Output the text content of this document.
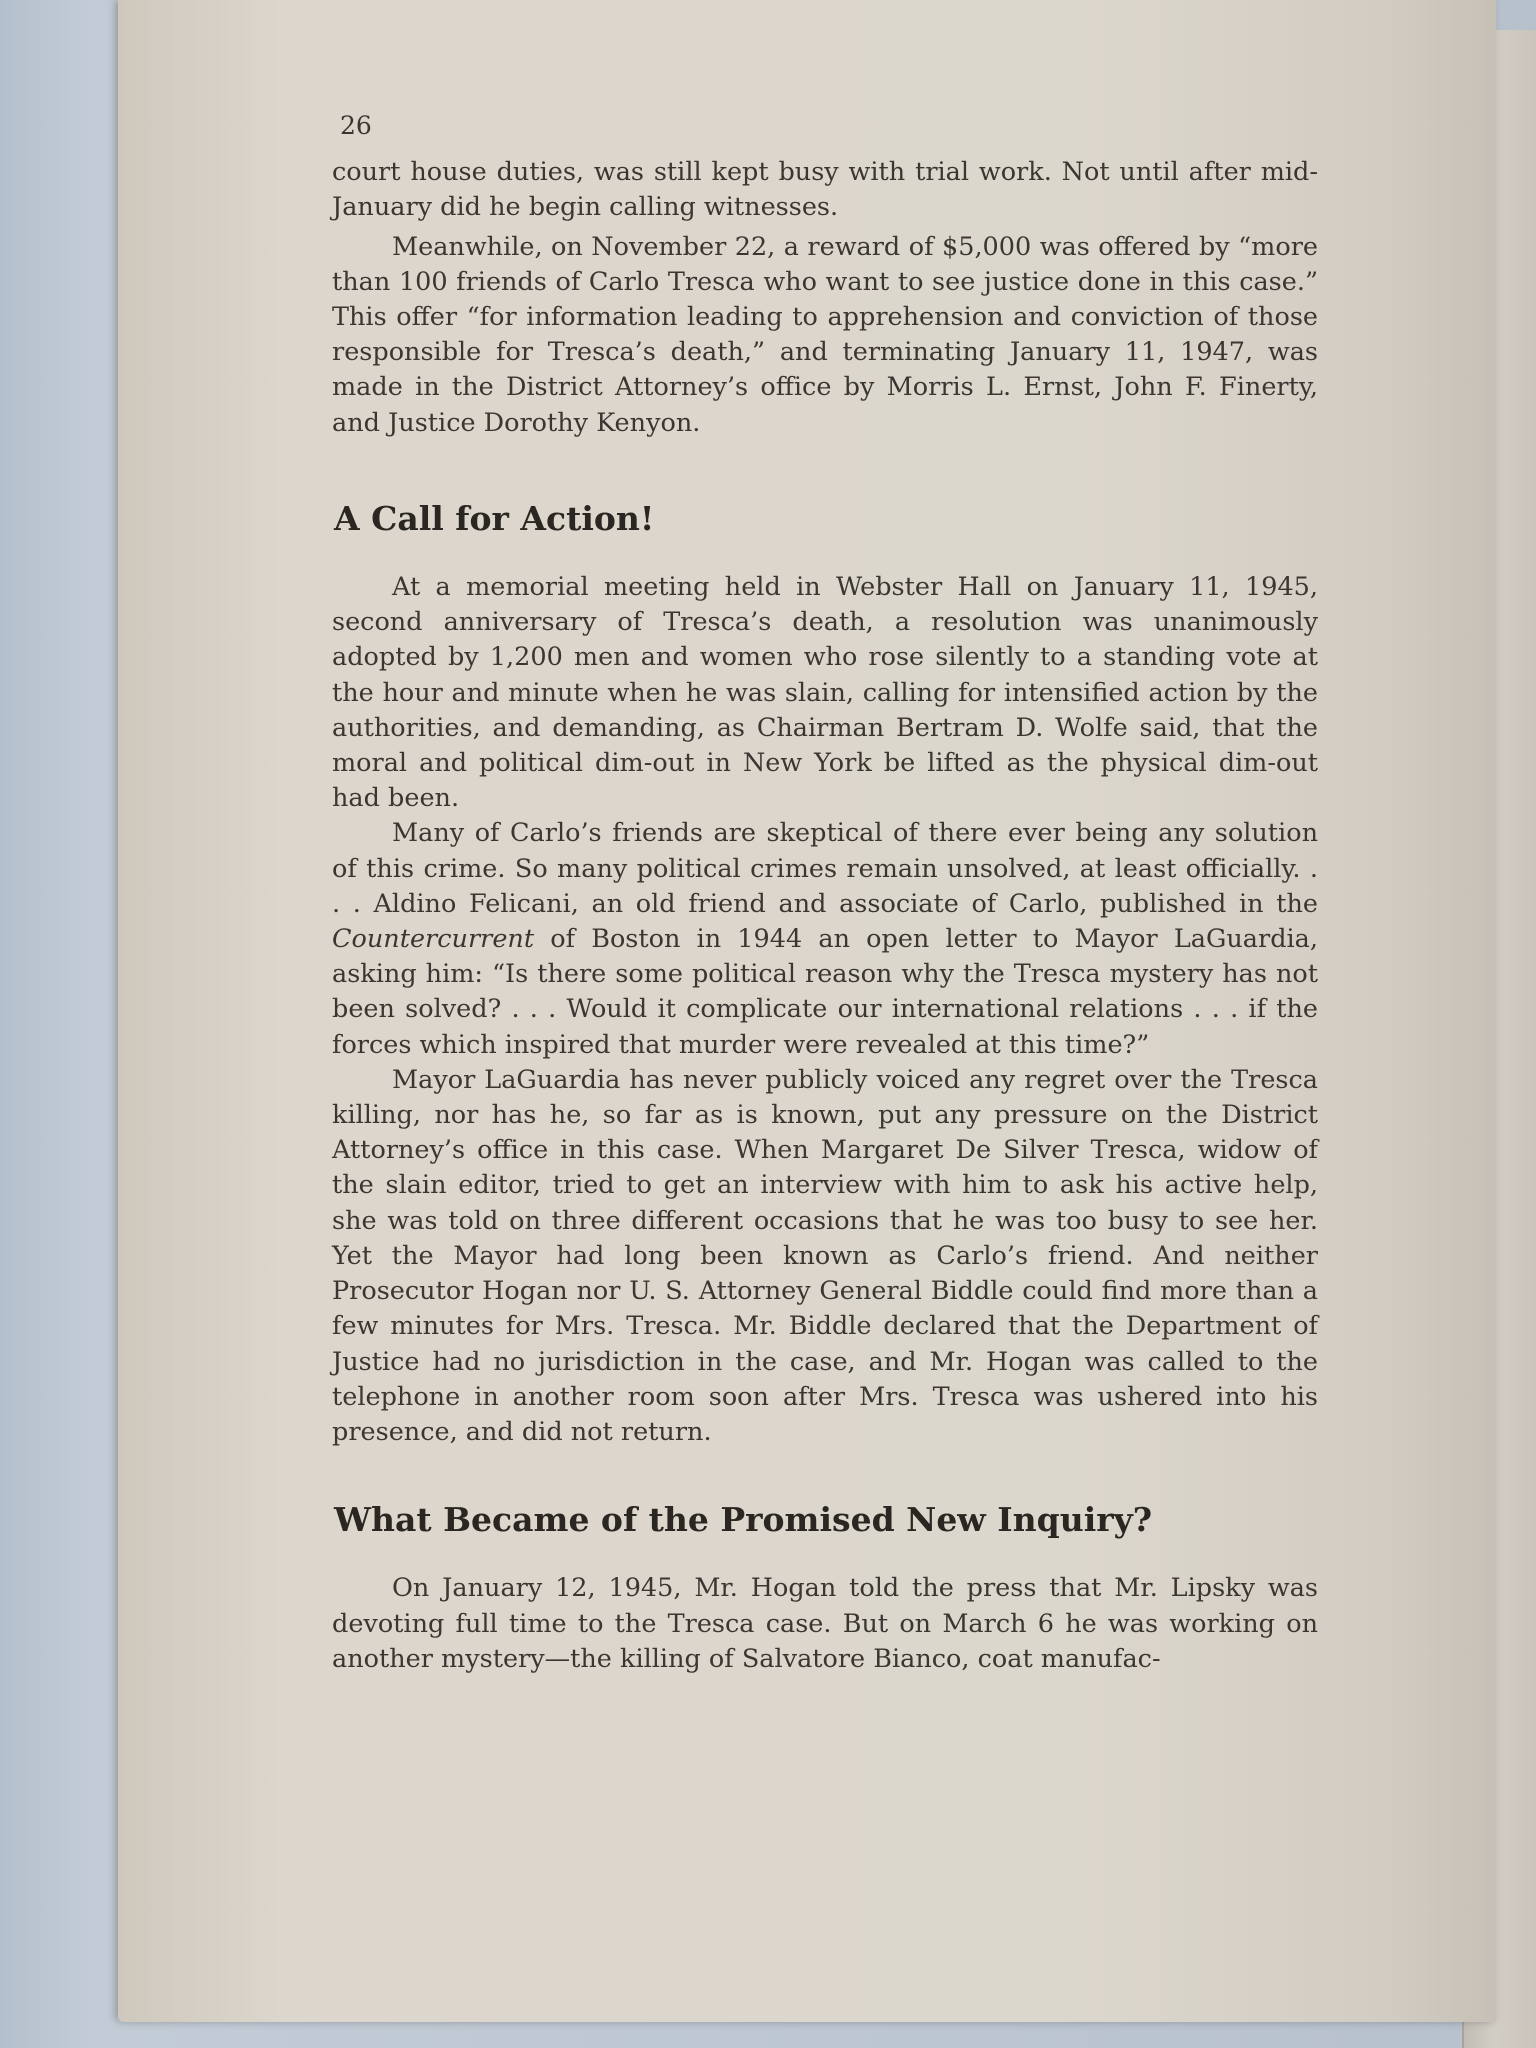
26

court house duties, was still kept busy with trial work. Not until after mid-January did he begin calling witnesses.

Meanwhile, on November 22, a reward of $5,000 was offered by “more than 100 friends of Carlo Tresca who want to see justice done in this case.” This offer “for information leading to apprehension and conviction of those responsible for Tresca’s death,” and terminating January 11, 1947, was made in the District Attorney’s office by Morris L. Ernst, John F. Finerty, and Justice Dorothy Kenyon.

A Call for Action!

At a memorial meeting held in Webster Hall on January 11, 1945, second anniversary of Tresca’s death, a resolution was unanimously adopted by 1,200 men and women who rose silently to a standing vote at the hour and minute when he was slain, calling for intensified action by the authorities, and demanding, as Chairman Bertram D. Wolfe said, that the moral and political dim-out in New York be lifted as the physical dim-out had been.

Many of Carlo’s friends are skeptical of there ever being any solution of this crime. So many political crimes remain unsolved, at least officially. . . . Aldino Felicani, an old friend and associate of Carlo, published in the Countercurrent of Boston in 1944 an open letter to Mayor LaGuardia, asking him: “Is there some political reason why the Tresca mystery has not been solved? . . . Would it complicate our international relations . . . if the forces which inspired that murder were revealed at this time?”

Mayor LaGuardia has never publicly voiced any regret over the Tresca killing, nor has he, so far as is known, put any pressure on the District Attorney’s office in this case. When Margaret De Silver Tresca, widow of the slain editor, tried to get an interview with him to ask his active help, she was told on three different occasions that he was too busy to see her. Yet the Mayor had long been known as Carlo’s friend. And neither Prosecutor Hogan nor U. S. Attorney General Biddle could find more than a few minutes for Mrs. Tresca. Mr. Biddle declared that the Department of Justice had no jurisdiction in the case, and Mr. Hogan was called to the telephone in another room soon after Mrs. Tresca was ushered into his presence, and did not return.

What Became of the Promised New Inquiry?

On January 12, 1945, Mr. Hogan told the press that Mr. Lipsky was devoting full time to the Tresca case. But on March 6 he was working on another mystery—the killing of Salvatore Bianco, coat manufac-
